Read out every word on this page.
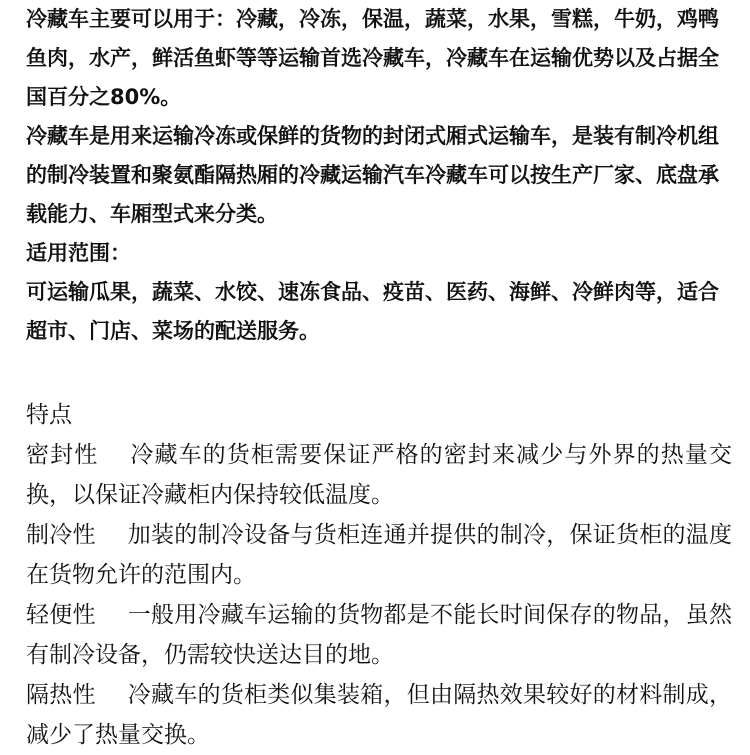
冷藏车主要可以用于：冷藏，冷冻，保温，蔬菜，水果，雪糕，牛奶，鸡鸭鱼肉，水产，鲜活鱼虾等等运输首选冷藏车，冷藏车在运输优势以及占据全国百分之80%。

冷藏车是用来运输冷冻或保鲜的货物的封闭式厢式运输车，是装有制冷机组的制冷装置和聚氨酯隔热厢的冷藏运输汽车冷藏车可以按生产厂家、底盘承载能力、车厢型式来分类。

适用范围：

可运输瓜果，蔬菜、水饺、速冻食品、疫苗、医药、海鲜、冷鲜肉等，适合超市、门店、菜场的配送服务。

特点

密封性 冷藏车的货柜需要保证严格的密封来减少与外界的热量交换，以保证冷藏柜内保持较低温度。

制冷性 加装的制冷设备与货柜连通并提供的制冷，保证货柜的温度在货物允许的范围内。

轻便性 一般用冷藏车运输的货物都是不能长时间保存的物品，虽然有制冷设备，仍需较快送达目的地。

隔热性 冷藏车的货柜类似集装箱，但由隔热效果较好的材料制成，减少了热量交换。
